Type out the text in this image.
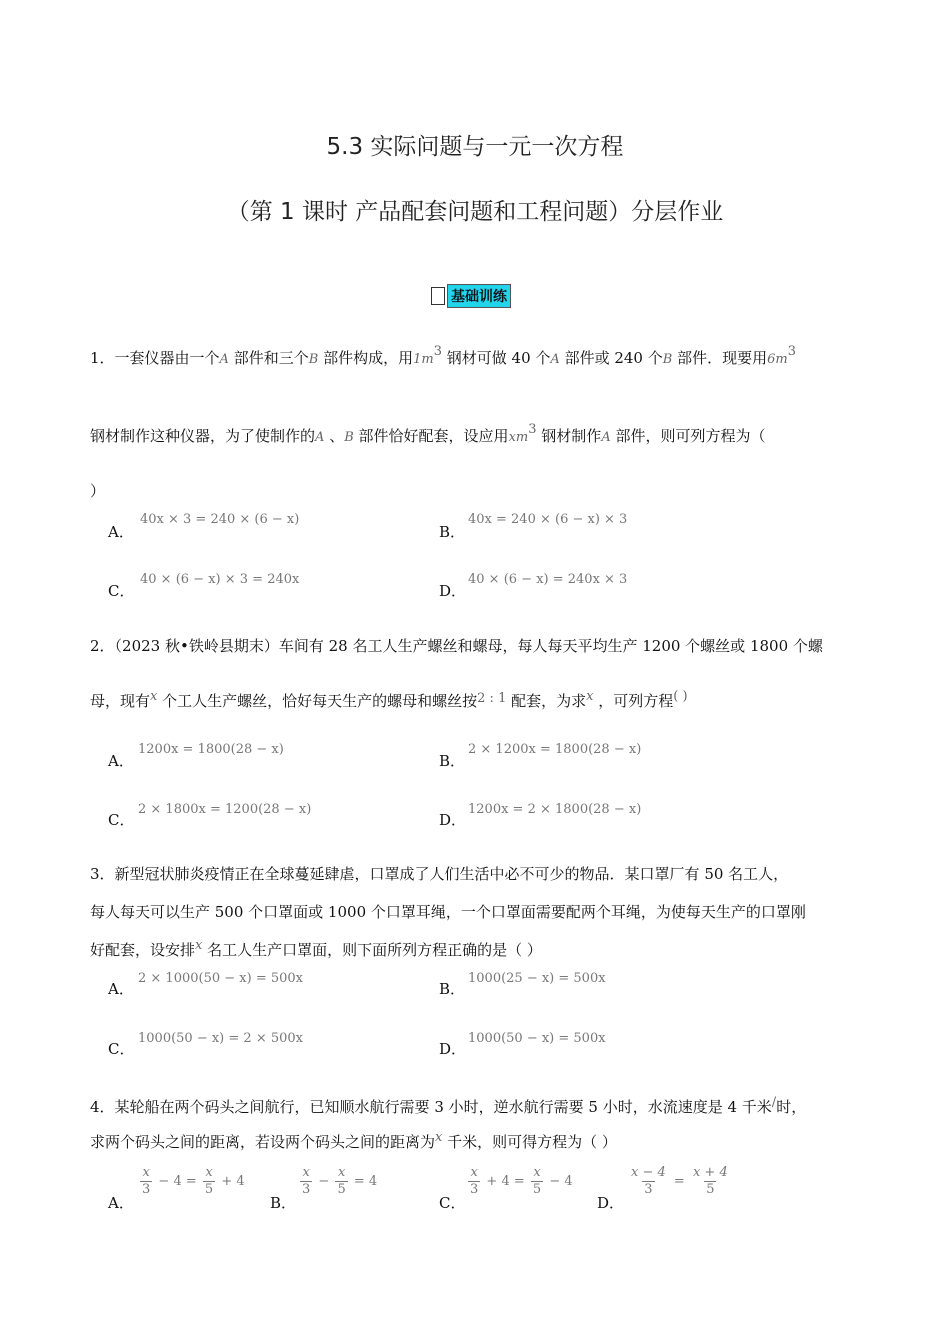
5.3 实际问题与一元一次方程
（第 1 课时 产品配套问题和工程问题）分层作业
基础训练
1．一套仪器由一个A 部件和三个B 部件构成，用$1m^3$ 钢材可做 40 个A 部件或 240 个B 部件．现要用$6m^3$
钢材制作这种仪器，为了使制作的A 、B 部件恰好配套，设应用$xm^3$ 钢材制作A 部件，则可列方程为（
）
A．
40x × 3 = 240 × (6 − x)
B．
40x = 240 × (6 − x) × 3
C．
40 × (6 − x) × 3 = 240x
D．
40 × (6 − x) = 240x × 3
2．（2023 秋•铁岭县期末）车间有 28 名工人生产螺丝和螺母，每人每天平均生产 1200 个螺丝或 1800 个螺
母，现有x 个工人生产螺丝，恰好每天生产的螺母和螺丝按2 : 1 配套，为求x ，可列方程( )
A．
1200x = 1800(28 − x)
B．
2 × 1200x = 1800(28 − x)
C．
2 × 1800x = 1200(28 − x)
D．
1200x = 2 × 1800(28 − x)
3．新型冠状肺炎疫情正在全球蔓延肆虐，口罩成了人们生活中必不可少的物品．某口罩厂有 50 名工人，
每人每天可以生产 500 个口罩面或 1000 个口罩耳绳，一个口罩面需要配两个耳绳，为使每天生产的口罩刚
好配套，设安排x 名工人生产口罩面，则下面所列方程正确的是（ ）
A．
2 × 1000(50 − x) = 500x
B．
1000(25 − x) = 500x
C．
1000(50 − x) = 2 × 500x
D．
1000(50 − x) = 500x
4．某轮船在两个码头之间航行，已知顺水航行需要 3 小时，逆水航行需要 5 小时，水流速度是 4 千米/时，
求两个码头之间的距离，若设两个码头之间的距离为x 千米，则可得方程为（ ）
A．
$\frac{x}{3} - 4 = \frac{x}{5} + 4$
B．
$\frac{x}{3} - \frac{x}{5} = 4$
C．
$\frac{x}{3} + 4 = \frac{x}{5} - 4$
D．
$\frac{x - 4}{3} = \frac{x + 4}{5}$
